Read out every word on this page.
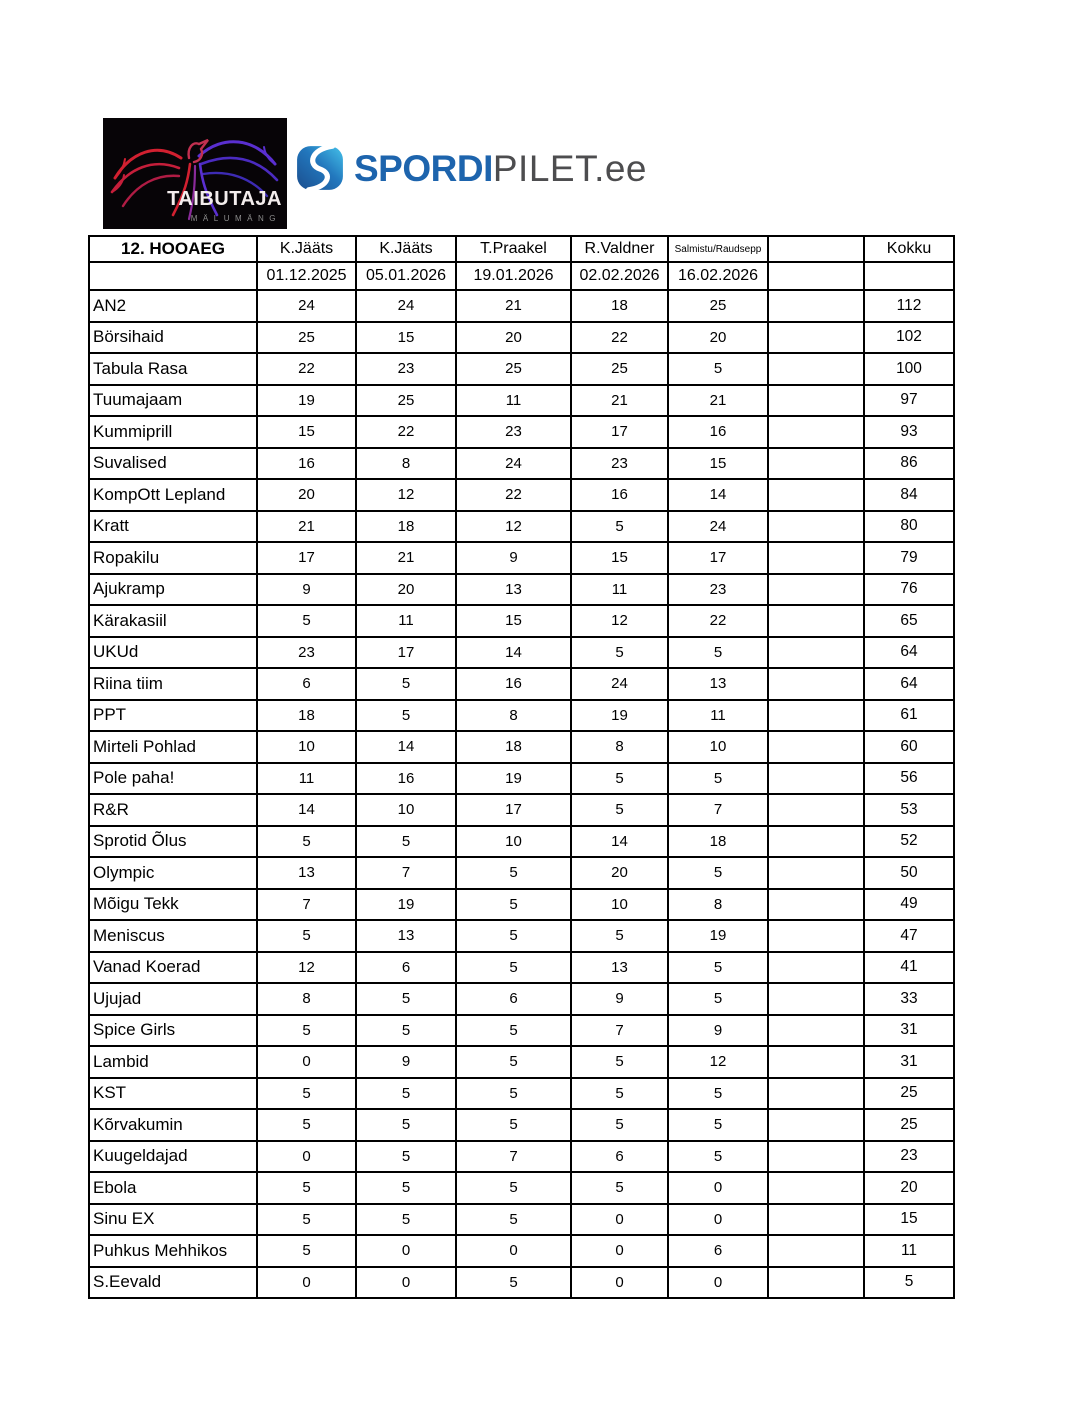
TAIBUTAJA
MÄLUMÄNG
SPORDIPILET.ee
12. HOOAEG	K.Jääts	K.Jääts	T.Praakel	R.Valdner	Salmistu/Raudsepp		Kokku
	01.12.2025	05.01.2026	19.01.2026	02.02.2026	16.02.2026		
AN2	24	24	21	18	25		112
Börsihaid	25	15	20	22	20		102
Tabula Rasa	22	23	25	25	5		100
Tuumajaam	19	25	11	21	21		97
Kummiprill	15	22	23	17	16		93
Suvalised	16	8	24	23	15		86
KompOtt Lepland	20	12	22	16	14		84
Kratt	21	18	12	5	24		80
Ropakilu	17	21	9	15	17		79
Ajukramp	9	20	13	11	23		76
Kärakasiil	5	11	15	12	22		65
UKUd	23	17	14	5	5		64
Riina tiim	6	5	16	24	13		64
PPT	18	5	8	19	11		61
Mirteli Pohlad	10	14	18	8	10		60
Pole paha!	11	16	19	5	5		56
R&R	14	10	17	5	7		53
Sprotid Õlus	5	5	10	14	18		52
Olympic	13	7	5	20	5		50
Mõigu Tekk	7	19	5	10	8		49
Meniscus	5	13	5	5	19		47
Vanad Koerad	12	6	5	13	5		41
Ujujad	8	5	6	9	5		33
Spice Girls	5	5	5	7	9		31
Lambid	0	9	5	5	12		31
KST	5	5	5	5	5		25
Kõrvakumin	5	5	5	5	5		25
Kuugeldajad	0	5	7	6	5		23
Ebola	5	5	5	5	0		20
Sinu EX	5	5	5	0	0		15
Puhkus Mehhikos	5	0	0	0	6		11
S.Eevald	0	0	5	0	0		5
